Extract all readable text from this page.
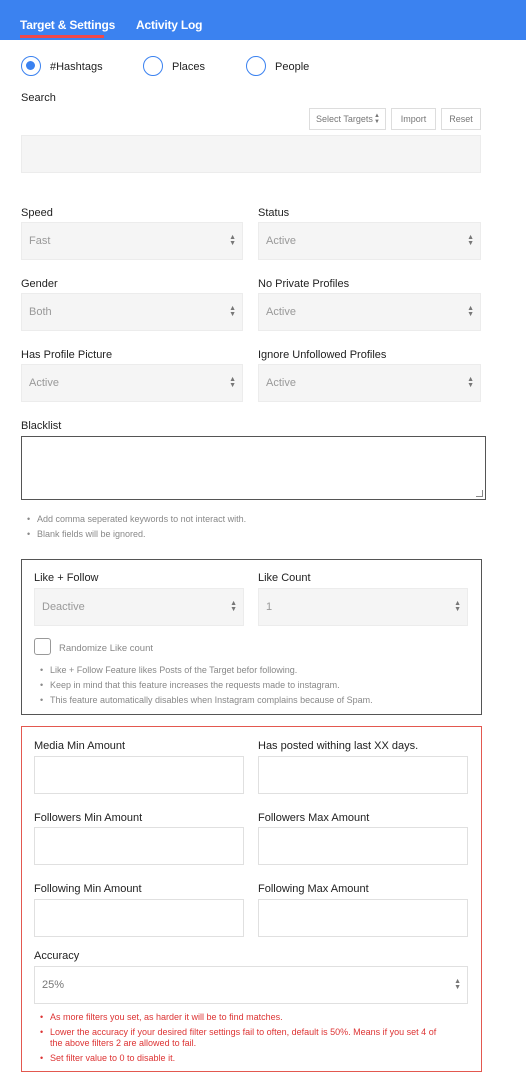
Target & Settings Activity Log
#Hashtags	Places	People
Search
Select Targets ▲
▼ Import	Reset
Speed
Fast	▲
▼
Status
Active	▲
▼
Gender
Both	▲
▼
No Private Profiles
Active	▲
▼
Has Profile Picture
Active	▲
▼
Ignore Unfollowed Profiles
Active	▲
▼
Blacklist
• Add comma seperated keywords to not interact with.
• Blank fields will be ignored.
Like + Follow
Deactive	▲
▼
Like Count
1	▲
▼
Randomize Like count
• Like + Follow Feature likes Posts of the Target befor following.
• Keep in mind that this feature increases the requests made to instagram.
• This feature automatically disables when Instagram complains because of Spam.
Media Min Amount	Has posted withing last XX days.
Followers Min Amount	Followers Max Amount
Following Min Amount	Following Max Amount
Accuracy
25%	▲
▼
• As more filters you set, as harder it will be to find matches.
• Lower the accuracy if your desired filter settings fail to often, default is 50%. Means if you set 4 of
the above filters 2 are allowed to fail.
• Set filter value to 0 to disable it.
